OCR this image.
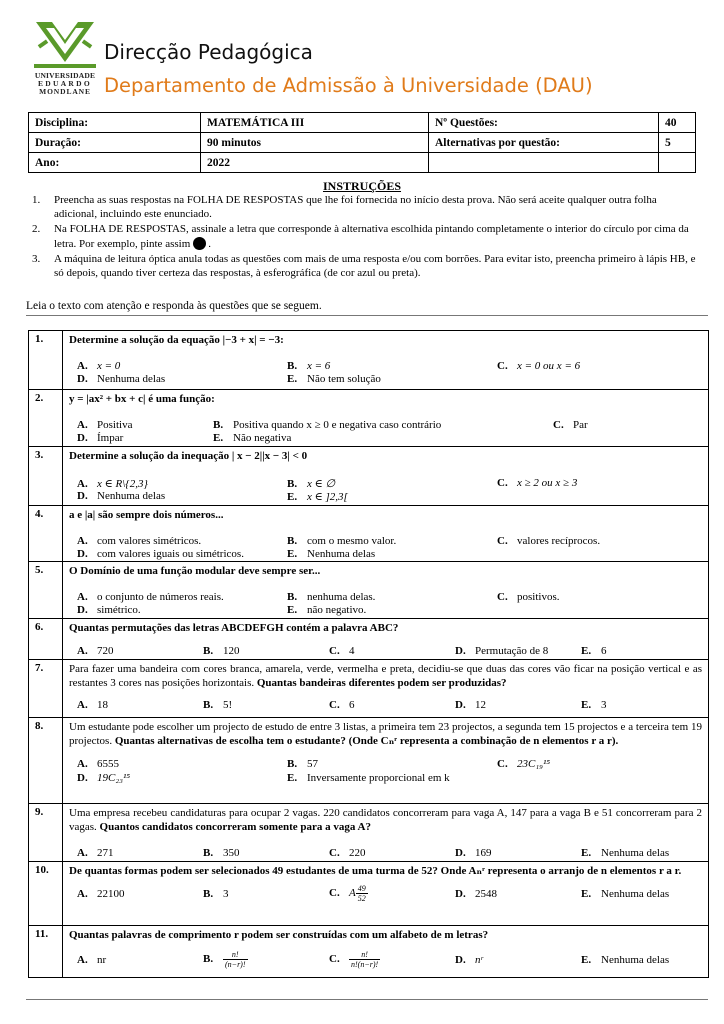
UNIVERSIDADE
EDUARDO
MONDLANE
Direcção Pedagógica
Departamento de Admissão à Universidade (DAU)
Disciplina:	MATEMÁTICA III	Nº Questões:	40
Duração:	90 minutos	Alternativas por questão:	5
Ano:	2022		
INSTRUÇÕES
1.	Preencha as suas respostas na FOLHA DE RESPOSTAS que lhe foi fornecida no início desta prova. Não será aceite qualquer outra folha adicional, incluindo este enunciado.
2.	Na FOLHA DE RESPOSTAS, assinale a letra que corresponde à alternativa escolhida pintando completamente o interior do círculo por cima da letra. Por exemplo, pinte assim .
3.	A máquina de leitura óptica anula todas as questões com mais de uma resposta e/ou com borrões. Para evitar isto, preencha primeiro à lápis HB, e só depois, quando tiver certeza das respostas, à esferográfica (de cor azul ou preta).
Leia o texto com atenção e responda às questões que se seguem.
1.	Determine a solução da equação |−3 + x| = −3:
A. x = 0	B. x = 6	C. x = 0 ou x = 6
D. Nenhuma delas	E. Não tem solução
2.	y = |ax² + bx + c| é uma função:
A. Positiva	B. Positiva quando x ≥ 0 e negativa caso contrário	C. Par
D. Ímpar	E. Não negativa
3.	Determine a solução da inequação | x − 2||x − 3| < 0
A. x ∈ R\{2,3}	B. x ∈ ∅	C. x ≥ 2 ou x ≥ 3
D. Nenhuma delas	E. x ∈ ]2,3[
4.	a e |a| são sempre dois números...
A. com valores simétricos.	B. com o mesmo valor.	C. valores recíprocos.
D. com valores iguais ou simétricos.	E. Nenhuma delas
5.	O Domínio de uma função modular deve sempre ser...
A. o conjunto de números reais.	B. nenhuma delas.	C. positivos.
D. simétrico.	E. não negativo.
6.	Quantas permutações das letras ABCDEFGH contém a palavra ABC?
A. 720	B. 120	C. 4	D. Permutação de 8	E. 6
7.	Para fazer uma bandeira com cores branca, amarela, verde, vermelha e preta, decidiu-se que duas das cores vão ficar na posição vertical e as restantes 3 cores nas posições horizontais. Quantas bandeiras diferentes podem ser produzidas?
A. 18	B. 5!	C. 6	D. 12	E. 3
8.	Um estudante pode escolher um projecto de estudo de entre 3 listas, a primeira tem 23 projectos, a segunda tem 15 projectos e a terceira tem 19 projectos. Quantas alternativas de escolha tem o estudante? (Onde Cₙʳ representa a combinação de n elementos r a r).
A. 6555	B. 57	C. 23C₁₉¹⁵
D. 19C₂₃¹⁵	E. Inversamente proporcional em k
9.	Uma empresa recebeu candidaturas para ocupar 2 vagas. 220 candidatos concorreram para vaga A, 147 para a vaga B e 51 concorreram para 2 vagas. Quantos candidatos concorreram somente para a vaga A?
A. 271	B. 350	C. 220	D. 169	E. Nenhuma delas
10.	De quantas formas podem ser selecionados 49 estudantes de uma turma de 52? Onde Aₙʳ representa o arranjo de n elementos r a r.
A. 22100	B. 3	C. A $\frac{49}{52}$	D. 2548	E. Nenhuma delas
11.	Quantas palavras de comprimento r podem ser construídas com um alfabeto de m letras?
A. nr	B. $\frac{n!}{(n-r)!}$	C. $\frac{n!}{n!(n-r)!}$	D. nʳ	E. Nenhuma delas
